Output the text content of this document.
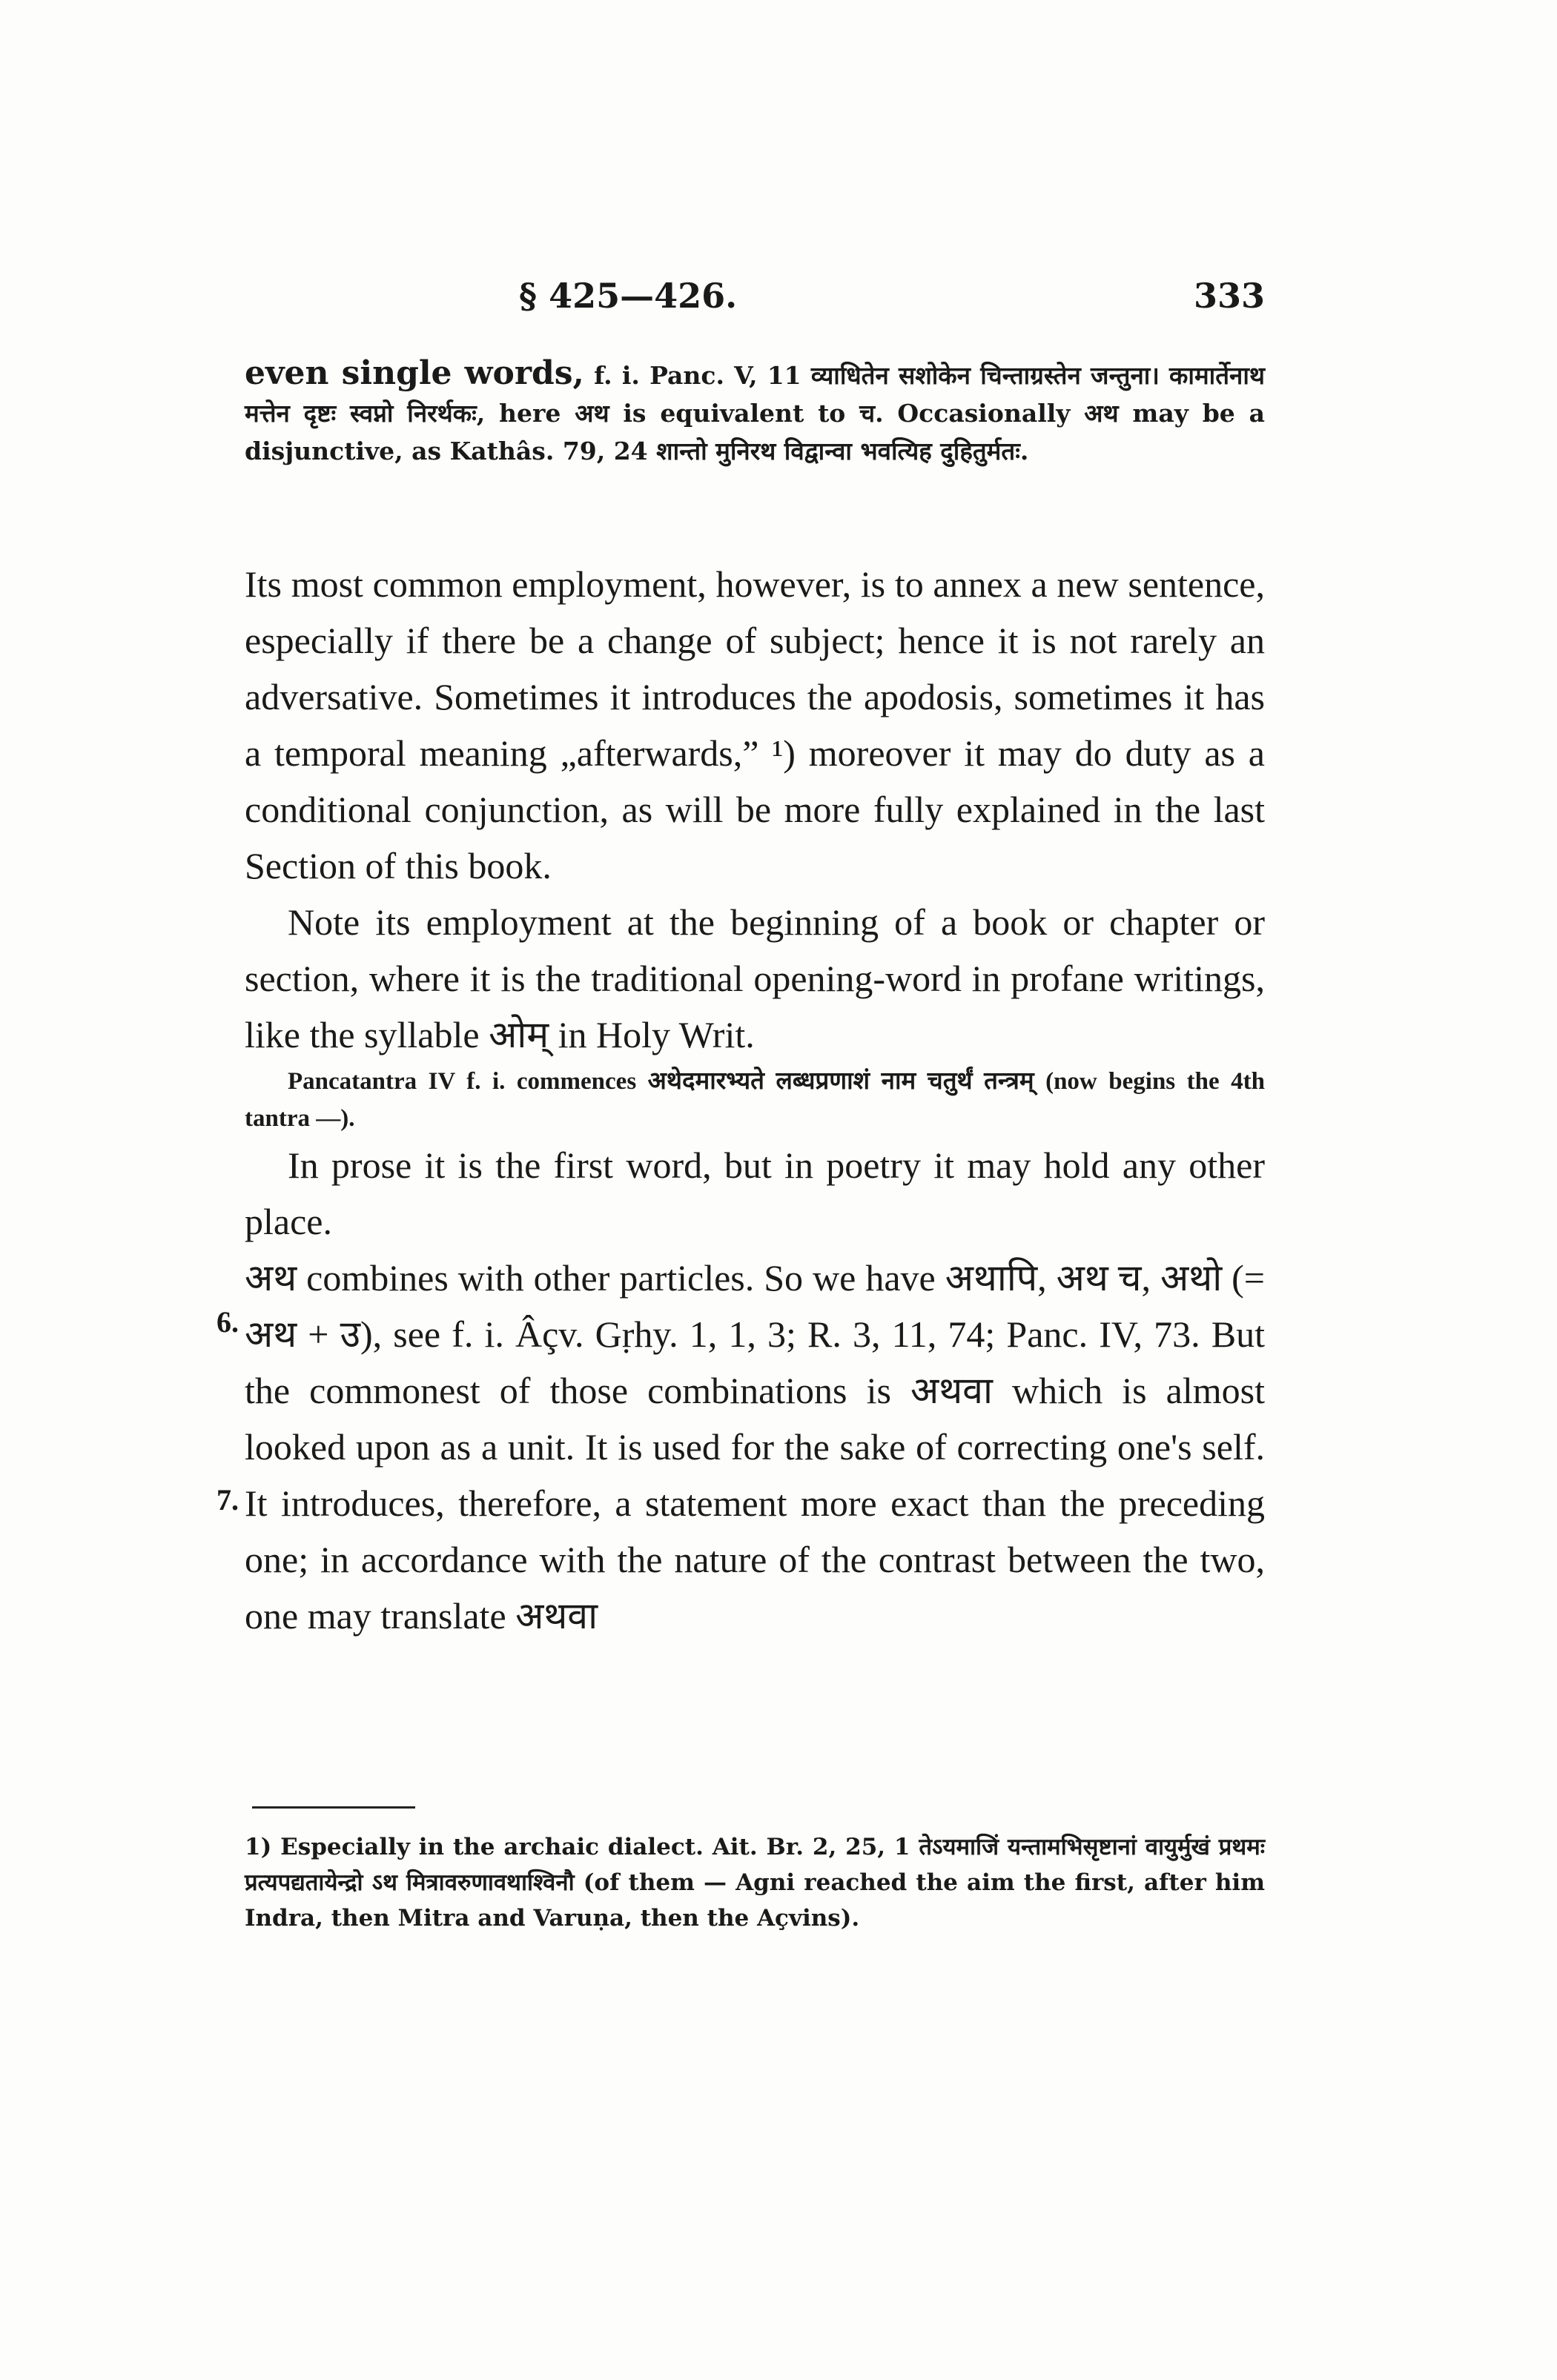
§ 425—426.	333
even single words, f. i. Panc. V, 11 व्याधितेन सशोकेन चिन्ताग्रस्तेन जन्तुना। कामार्तेनाथ मत्तेन दृष्टः स्वप्नो निरर्थकः, here अथ is equivalent to च. Occasionally अथ may be a disjunctive, as Kathâs. 79, 24 शान्तो मुनिरथ विद्वान्वा भवत्यिह दुहितुर्मतः.

Its most common employment, however, is to annex a new sentence, especially if there be a change of subject; hence it is not rarely an adversative. Sometimes it introduces the apodosis, sometimes it has a temporal meaning „afterwards,” ¹) moreover it may do duty as a conditional conjunction, as will be more fully explained in the last Section of this book.

Note its employment at the beginning of a book or chapter or section, where it is the traditional opening-word in profane writings, like the syllable ओम् in Holy Writ.
Pancatantra IV f. i. commences अथेदमारभ्यते लब्धप्रणाशं नाम चतुर्थं तन्त्रम् (now begins the 4th tantra —).

In prose it is the first word, but in poetry it may hold any other place.

अथ combines with other particles. So we have अथापि, अथ च, अथो (= अथ + उ), see f. i. Âçv. Gṛhy. 1, 1, 3; R. 3, 11, 74; Panc. IV, 73. But the commonest of those combinations is अथवा which is almost looked upon as a unit. It is used for the sake of correcting one's self. It introduces, therefore, a statement more exact than the preceding one; in accordance with the nature of the contrast between the two, one may translate अथवा

6.
7.
1) Especially in the archaic dialect. Ait. Br. 2, 25, 1 तेऽयमाजिं यन्तामभिसृष्टानां वायुर्मुखं प्रथमः प्रत्यपद्यतायेन्द्रो ऽथ मित्रावरुणावथाश्विनौ (of them — Agni reached the aim the first, after him Indra, then Mitra and Varuṇa, then the Açvins).
